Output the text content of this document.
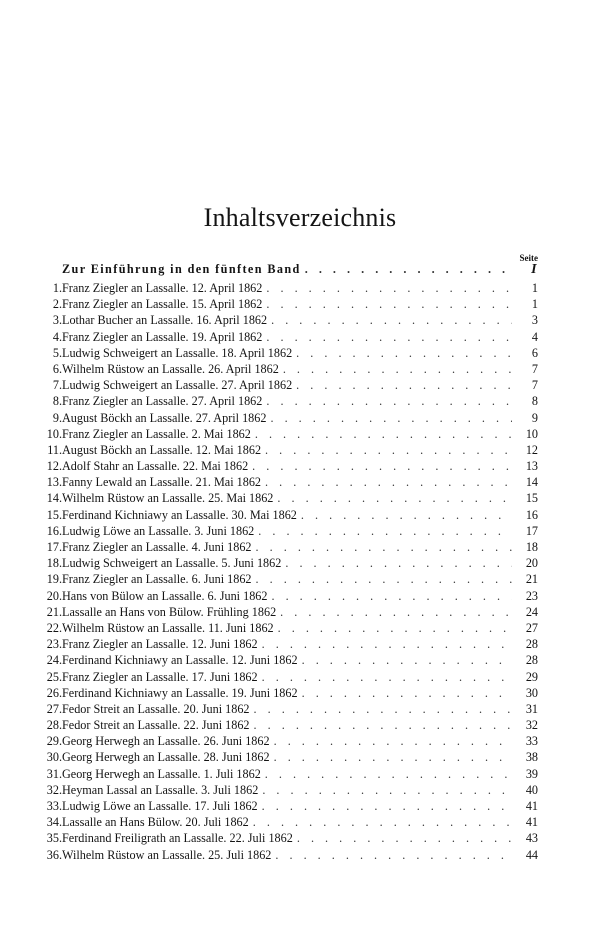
Inhaltsverzeichnis
Seite
Zur Einführung in den fünften Band . . .	I
1. Franz Ziegler an Lassalle. 12. April 1862 . . .	1
2. Franz Ziegler an Lassalle. 15. April 1862 . . .	1
3. Lothar Bucher an Lassalle. 16. April 1862 . . .	3
4. Franz Ziegler an Lassalle. 19. April 1862 . . .	4
5. Ludwig Schweigert an Lassalle. 18. April 1862 . . .	6
6. Wilhelm Rüstow an Lassalle. 26. April 1862 . . .	7
7. Ludwig Schweigert an Lassalle. 27. April 1862 . . .	7
8. Franz Ziegler an Lassalle. 27. April 1862 . . .	8
9. August Böckh an Lassalle. 27. April 1862 . . .	9
10. Franz Ziegler an Lassalle. 2. Mai 1862 . . .	10
11. August Böckh an Lassalle. 12. Mai 1862 . . .	12
12. Adolf Stahr an Lassalle. 22. Mai 1862 . . .	13
13. Fanny Lewald an Lassalle. 21. Mai 1862 . . .	14
14. Wilhelm Rüstow an Lassalle. 25. Mai 1862 . . .	15
15. Ferdinand Kichniawy an Lassalle. 30. Mai 1862 . . .	16
16. Ludwig Löwe an Lassalle. 3. Juni 1862 . . .	17
17. Franz Ziegler an Lassalle. 4. Juni 1862 . . .	18
18. Ludwig Schweigert an Lassalle. 5. Juni 1862 . . .	20
19. Franz Ziegler an Lassalle. 6. Juni 1862 . . .	21
20. Hans von Bülow an Lassalle. 6. Juni 1862 . . .	23
21. Lassalle an Hans von Bülow. Frühling 1862 . . .	24
22. Wilhelm Rüstow an Lassalle. 11. Juni 1862 . . .	27
23. Franz Ziegler an Lassalle. 12. Juni 1862 . . .	28
24. Ferdinand Kichniawy an Lassalle. 12. Juni 1862 . . .	28
25. Franz Ziegler an Lassalle. 17. Juni 1862 . . .	29
26. Ferdinand Kichniawy an Lassalle. 19. Juni 1862 . . .	30
27. Fedor Streit an Lassalle. 20. Juni 1862 . . .	31
28. Fedor Streit an Lassalle. 22. Juni 1862 . . .	32
29. Georg Herwegh an Lassalle. 26. Juni 1862 . . .	33
30. Georg Herwegh an Lassalle. 28. Juni 1862 . . .	38
31. Georg Herwegh an Lassalle. 1. Juli 1862 . . .	39
32. Heyman Lassal an Lassalle. 3. Juli 1862 . . .	40
33. Ludwig Löwe an Lassalle. 17. Juli 1862 . . .	41
34. Lassalle an Hans Bülow. 20. Juli 1862 . . .	41
35. Ferdinand Freiligrath an Lassalle. 22. Juli 1862 . . .	43
36. Wilhelm Rüstow an Lassalle. 25. Juli 1862 . . .	44
